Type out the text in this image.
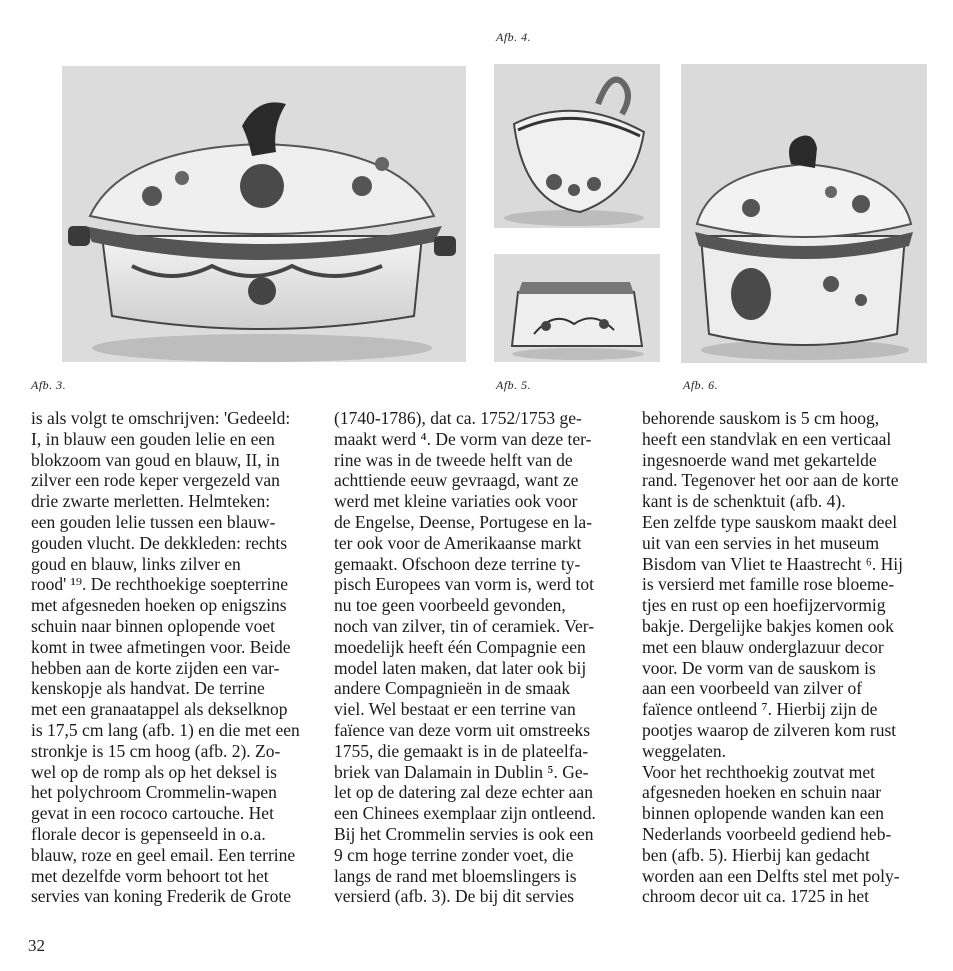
Afb. 3.
Afb. 4.
Afb. 5.	Afb. 6.
is als volgt te omschrijven: 'Gedeeld:
I, in blauw een gouden lelie en een
blokzoom van goud en blauw, II, in
zilver een rode keper vergezeld van
drie zwarte merletten. Helmteken:
een gouden lelie tussen een blauw-
gouden vlucht. De dekkleden: rechts
goud en blauw, links zilver en
rood' ¹⁹. De rechthoekige soepterrine
met afgesneden hoeken op enigszins
schuin naar binnen oplopende voet
komt in twee afmetingen voor. Beide
hebben aan de korte zijden een var-
kenskopje als handvat. De terrine
met een granaatappel als dekselknop
is 17,5 cm lang (afb. 1) en die met een
stronkje is 15 cm hoog (afb. 2). Zo-
wel op de romp als op het deksel is
het polychroom Crommelin-wapen
gevat in een rococo cartouche. Het
florale decor is gepenseeld in o.a.
blauw, roze en geel email. Een terrine
met dezelfde vorm behoort tot het
servies van koning Frederik de Grote
(1740-1786), dat ca. 1752/1753 ge-
maakt werd ⁴. De vorm van deze ter-
rine was in de tweede helft van de
achttiende eeuw gevraagd, want ze
werd met kleine variaties ook voor
de Engelse, Deense, Portugese en la-
ter ook voor de Amerikaanse markt
gemaakt. Ofschoon deze terrine ty-
pisch Europees van vorm is, werd tot
nu toe geen voorbeeld gevonden,
noch van zilver, tin of ceramiek. Ver-
moedelijk heeft één Compagnie een
model laten maken, dat later ook bij
andere Compagnieën in de smaak
viel. Wel bestaat er een terrine van
faïence van deze vorm uit omstreeks
1755, die gemaakt is in de plateelfa-
briek van Dalamain in Dublin ⁵. Ge-
let op de datering zal deze echter aan
een Chinees exemplaar zijn ontleend.
Bij het Crommelin servies is ook een
9 cm hoge terrine zonder voet, die
langs de rand met bloemslingers is
versierd (afb. 3). De bij dit servies
behorende sauskom is 5 cm hoog,
heeft een standvlak en een verticaal
ingesnoerde wand met gekartelde
rand. Tegenover het oor aan de korte
kant is de schenktuit (afb. 4).
Een zelfde type sauskom maakt deel
uit van een servies in het museum
Bisdom van Vliet te Haastrecht ⁶. Hij
is versierd met famille rose bloeme-
tjes en rust op een hoefijzervormig
bakje. Dergelijke bakjes komen ook
met een blauw onderglazuur decor
voor. De vorm van de sauskom is
aan een voorbeeld van zilver of
faïence ontleend ⁷. Hierbij zijn de
pootjes waarop de zilveren kom rust
weggelaten.
Voor het rechthoekig zoutvat met
afgesneden hoeken en schuin naar
binnen oplopende wanden kan een
Nederlands voorbeeld gediend heb-
ben (afb. 5). Hierbij kan gedacht
worden aan een Delfts stel met poly-
chroom decor uit ca. 1725 in het
32
